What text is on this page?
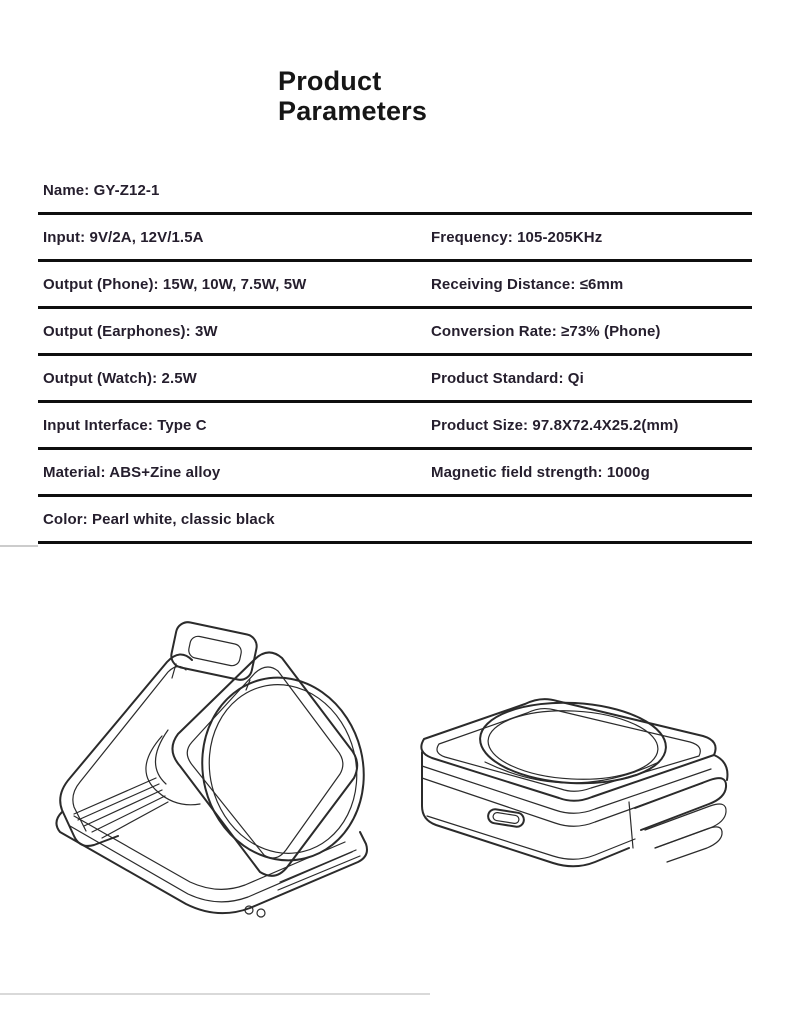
Product
Parameters
Name: GY-Z12-1
Input: 9V/2A, 12V/1.5A	Frequency: 105-205KHz
Output (Phone): 15W, 10W, 7.5W, 5W	Receiving Distance: ≤6mm
Output (Earphones): 3W	Conversion Rate: ≥73% (Phone)
Output (Watch): 2.5W	Product Standard: Qi
Input Interface: Type C	Product Size: 97.8X72.4X25.2(mm)
Material: ABS+Zine alloy	Magnetic field strength: 1000g
Color: Pearl white, classic black
